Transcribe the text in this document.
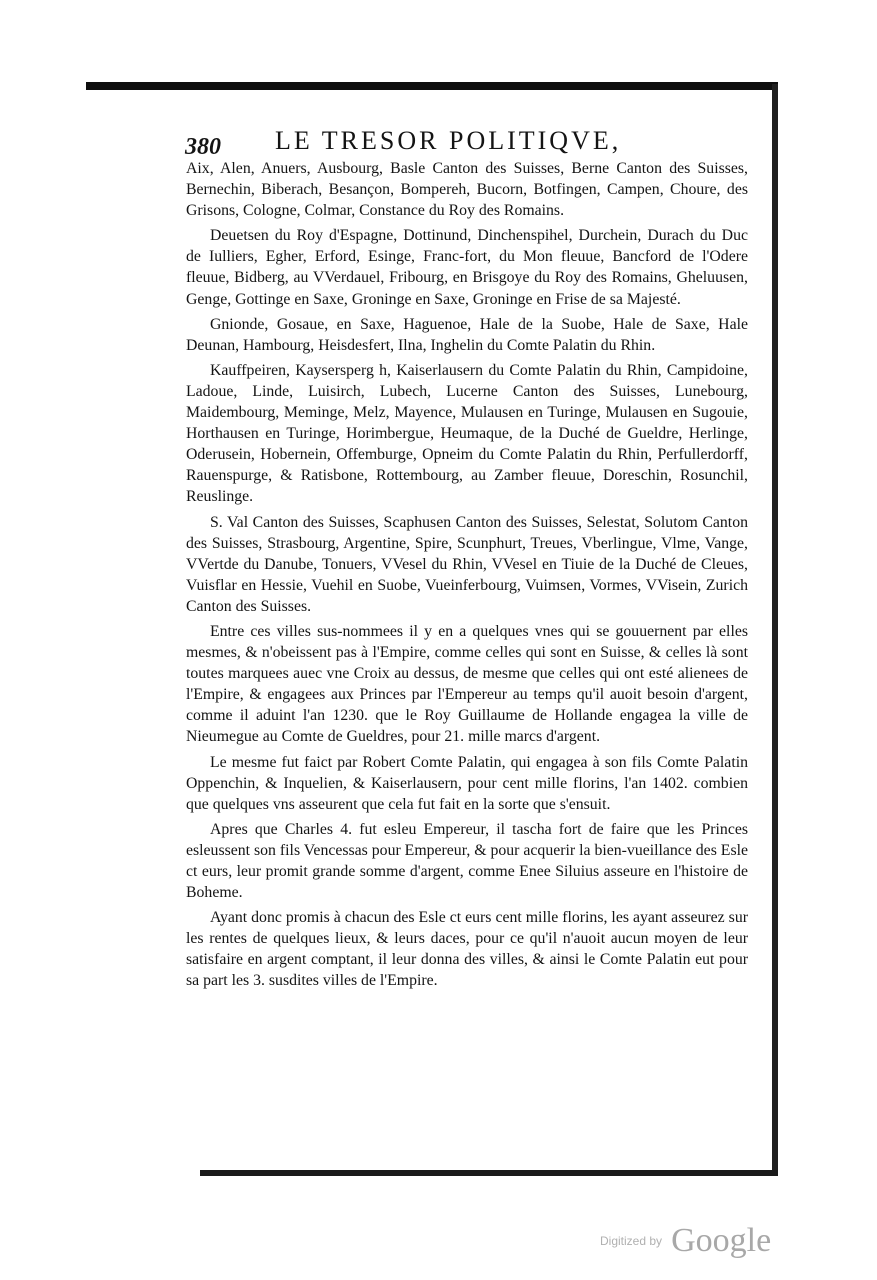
380 LE TRESOR POLITIQVE,

Aix, Alen, Anuers, Ausbourg, Basle Canton des Suisses, Berne Canton des Suisses, Bernechin, Biberach, Besançon, Bompereh, Bucorn, Botfingen, Campen, Choure, des Grisons, Cologne, Colmar, Constance du Roy des Romains.

Deuetsen du Roy d'Espagne, Dottinund, Dinchenspihel, Durchein, Durach du Duc de Iulliers, Egher, Erford, Esinge, Franc-fort, du Mon fleuue, Bancford de l'Odere fleuue, Bidberg, au VVerdauel, Fribourg, en Brisgoye du Roy des Romains, Gheluusen, Genge, Gottinge en Saxe, Groninge en Saxe, Groninge en Frise de sa Majesté.

Gnionde, Gosaue, en Saxe, Haguenoe, Hale de la Suobe, Hale de Saxe, Hale Deunan, Hambourg, Heisdesfert, Ilna, Inghelin du Comte Palatin du Rhin.

Kauffpeiren, Kaysersperg h, Kaiserlausern du Comte Palatin du Rhin, Campidoine, Ladoue, Linde, Luisirch, Lubech, Lucerne Canton des Suisses, Lunebourg, Maidembourg, Meminge, Melz, Mayence, Mulausen en Turinge, Mulausen en Sugouie, Horthausen en Turinge, Horimbergue, Heumaque, de la Duché de Gueldre, Herlinge, Oderusein, Hobernein, Offemburge, Opneim du Comte Palatin du Rhin, Perfullerdorff, Rauenspurge, & Ratisbone, Rottembourg, au Zamber fleuue, Doreschin, Rosunchil, Reuslinge.

S. Val Canton des Suisses, Scaphusen Canton des Suisses, Selestat, Solutom Canton des Suisses, Strasbourg, Argentine, Spire, Scunphurt, Treues, Vberlingue, Vlme, Vange, VVertde du Danube, Tonuers, VVesel du Rhin, VVesel en Tiuie de la Duché de Cleues, Vuisflar en Hessie, Vuehil en Suobe, Vueinferbourg, Vuimsen, Vormes, VVisein, Zurich Canton des Suisses.

Entre ces villes sus-nommees il y en a quelques vnes qui se gouuernent par elles mesmes, & n'obeissent pas à l'Empire, comme celles qui sont en Suisse, & celles là sont toutes marquees auec vne Croix au dessus, de mesme que celles qui ont esté alienees de l'Empire, & engagees aux Princes par l'Empereur au temps qu'il auoit besoin d'argent, comme il aduint l'an 1230. que le Roy Guillaume de Hollande engagea la ville de Nieumegue au Comte de Gueldres, pour 21. mille marcs d'argent.

Le mesme fut faict par Robert Comte Palatin, qui engagea à son fils Comte Palatin Oppenchin, & Inquelien, & Kaiserlausern, pour cent mille florins, l'an 1402. combien que quelques vns asseurent que cela fut fait en la sorte que s'ensuit.

Apres que Charles 4. fut esleu Empereur, il tascha fort de faire que les Princes esleussent son fils Vencessas pour Empereur, & pour acquerir la bien-vueillance des Esle ct eurs, leur promit grande somme d'argent, comme Enee Siluius asseure en l'histoire de Boheme.

Ayant donc promis à chacun des Esle ct eurs cent mille florins, les ayant asseurez sur les rentes de quelques lieux, & leurs daces, pour ce qu'il n'auoit aucun moyen de leur satisfaire en argent comptant, il leur donna des villes, & ainsi le Comte Palatin eut pour sa part les 3. susdites villes de l'Empire.

Digitized by Google
